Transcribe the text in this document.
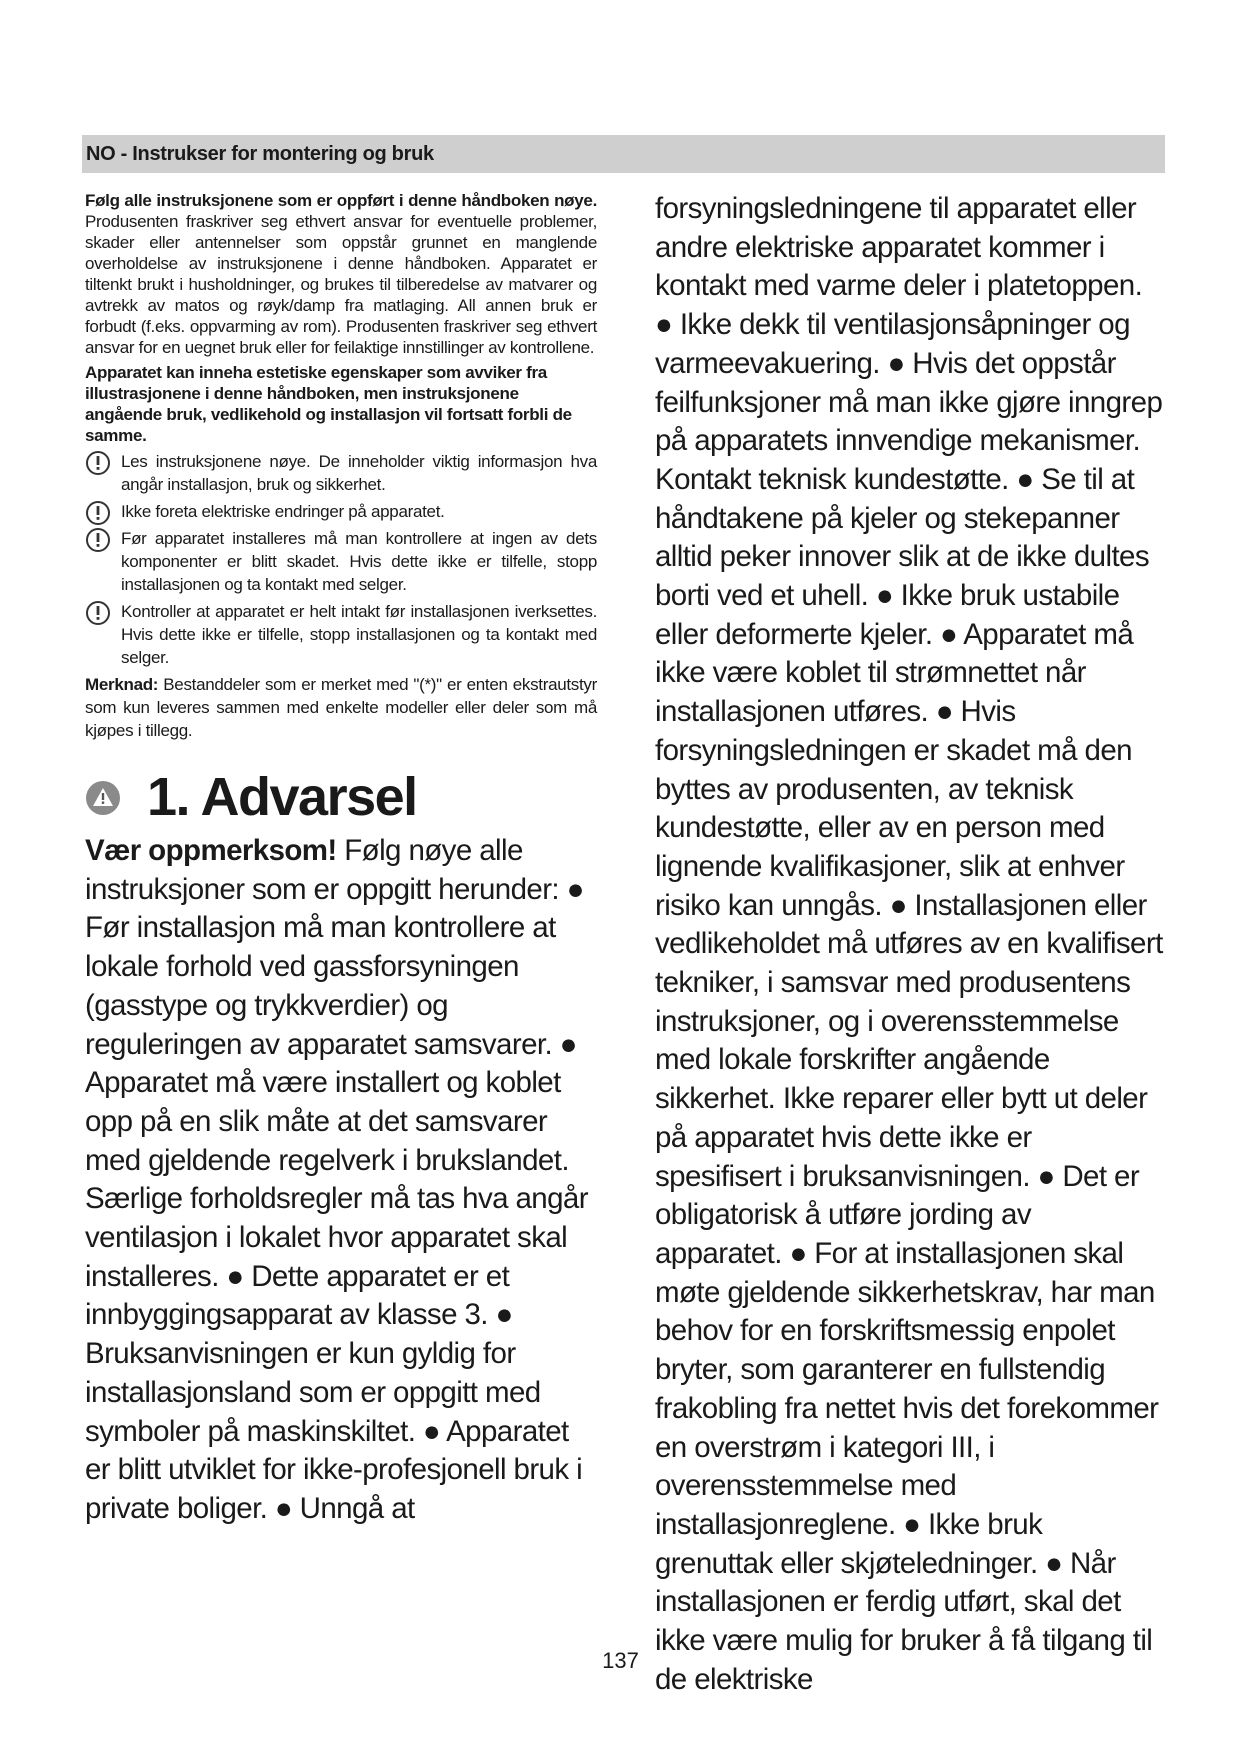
NO - Instrukser for montering og bruk

Følg alle instruksjonene som er oppført i denne håndboken nøye. Produsenten fraskriver seg ethvert ansvar for eventuelle problemer, skader eller antennelser som oppstår grunnet en manglende overholdelse av instruksjonene i denne håndboken. Apparatet er tiltenkt brukt i husholdninger, og brukes til tilberedelse av matvarer og avtrekk av matos og røyk/damp fra matlaging. All annen bruk er forbudt (f.eks. oppvarming av rom). Produsenten fraskriver seg ethvert ansvar for en uegnet bruk eller for feilaktige innstillinger av kontrollene.

Apparatet kan inneha estetiske egenskaper som avviker fra illustrasjonene i denne håndboken, men instruksjonene angående bruk, vedlikehold og installasjon vil fortsatt forbli de samme.

Les instruksjonene nøye. De inneholder viktig informasjon hva angår installasjon, bruk og sikkerhet.
Ikke foreta elektriske endringer på apparatet.
Før apparatet installeres må man kontrollere at ingen av dets komponenter er blitt skadet. Hvis dette ikke er tilfelle, stopp installasjonen og ta kontakt med selger.
Kontroller at apparatet er helt intakt før installasjonen iverksettes. Hvis dette ikke er tilfelle, stopp installasjonen og ta kontakt med selger.

Merknad: Bestanddeler som er merket med "(*)" er enten ekstrautstyr som kun leveres sammen med enkelte modeller eller deler som må kjøpes i tillegg.

1. Advarsel

Vær oppmerksom! Følg nøye alle instruksjoner som er oppgitt herunder: ● Før installasjon må man kontrollere at lokale forhold ved gassforsyningen (gasstype og trykkverdier) og reguleringen av apparatet samsvarer. ● Apparatet må være installert og koblet opp på en slik måte at det samsvarer med gjeldende regelverk i brukslandet. Særlige forholdsregler må tas hva angår ventilasjon i lokalet hvor apparatet skal installeres. ● Dette apparatet er et innbyggingsapparat av klasse 3. ● Bruksanvisningen er kun gyldig for installasjonsland som er oppgitt med symboler på maskinskiltet. ● Apparatet er blitt utviklet for ikke-profesjonell bruk i private boliger. ● Unngå at

forsyningsledningene til apparatet eller andre elektriske apparatet kommer i kontakt med varme deler i platetoppen. ● Ikke dekk til ventilasjonsåpninger og varmeevakuering. ● Hvis det oppstår feilfunksjoner må man ikke gjøre inngrep på apparatets innvendige mekanismer. Kontakt teknisk kundestøtte. ● Se til at håndtakene på kjeler og stekepanner alltid peker innover slik at de ikke dultes borti ved et uhell. ● Ikke bruk ustabile eller deformerte kjeler. ● Apparatet må ikke være koblet til strømnettet når installasjonen utføres. ● Hvis forsyningsledningen er skadet må den byttes av produsenten, av teknisk kundestøtte, eller av en person med lignende kvalifikasjoner, slik at enhver risiko kan unngås. ● Installasjonen eller vedlikeholdet må utføres av en kvalifisert tekniker, i samsvar med produsentens instruksjoner, og i overensstemmelse med lokale forskrifter angående sikkerhet. Ikke reparer eller bytt ut deler på apparatet hvis dette ikke er spesifisert i bruksanvisningen. ● Det er obligatorisk å utføre jording av apparatet. ● For at installasjonen skal møte gjeldende sikkerhetskrav, har man behov for en forskriftsmessig enpolet bryter, som garanterer en fullstendig frakobling fra nettet hvis det forekommer en overstrøm i kategori III, i overensstemmelse med installasjonreglene. ● Ikke bruk grenuttak eller skjøteledninger. ● Når installasjonen er ferdig utført, skal det ikke være mulig for bruker å få tilgang til de elektriske

137
